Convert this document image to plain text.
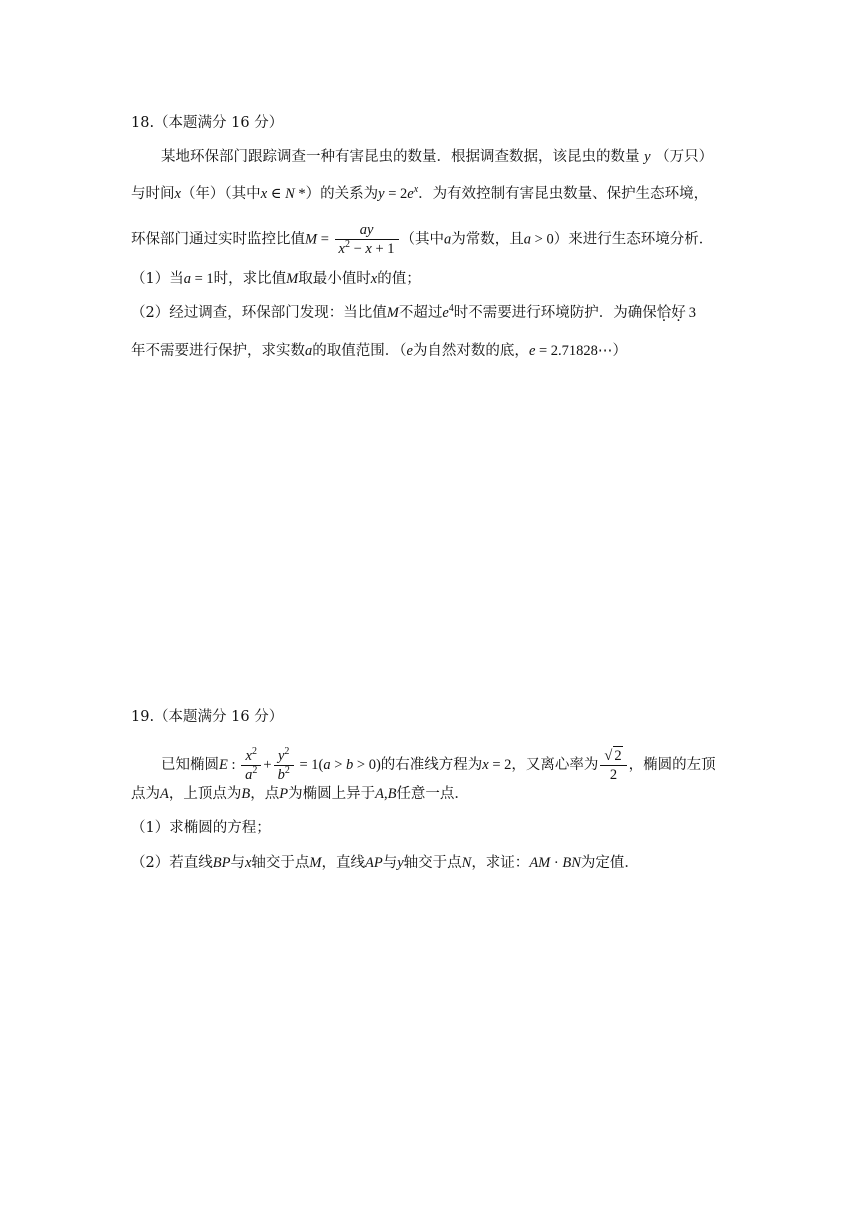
18.（本题满分 16 分）
某地环保部门跟踪调查一种有害昆虫的数量．根据调查数据，该昆虫的数量 y （万只）
与时间x（年）（其中x ∈ N *）的关系为$y = 2e^x$．为有效控制有害昆虫数量、保护生态环境，
环保部门通过实时监控比值$M = \frac{ay}{x^2 - x + 1}$ （其中a为常数，且a > 0）来进行生态环境分析．
（1）当a = 1时，求比值M取最小值时x的值；
（2）经过调查，环保部门发现：当比值M不超过$e^4$时不需要进行环境防护．为确保恰好 3
年不需要进行保护，求实数a的取值范围．（e为自然对数的底，e = 2.71828⋯）
19.（本题满分 16 分）
已知椭圆E : $\frac{x^2}{a^2} + \frac{y^2}{b^2} = 1(a > b > 0)$的右准线方程为x = 2，又离心率为 $\frac{√ 2}{2}$ ，椭圆的左顶
点为A，上顶点为B，点P为椭圆上异于A,B任意一点．
（1）求椭圆的方程；
（2）若直线BP与x轴交于点M，直线AP与y轴交于点N，求证：AM · BN为定值．
